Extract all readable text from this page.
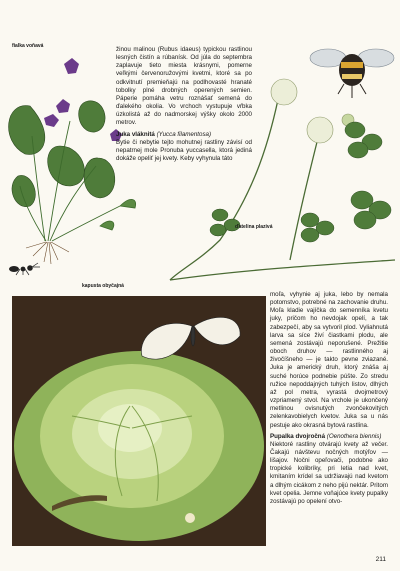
fialka voňavá
ďatelina plazivá
kapusta obyčajná

žinou malinou (Rubus idaeus) typickou rastlinou lesných čistín a rúbanísk. Od júla do septembra zaplavuje tieto miesta krásnymi, pomerne veľkými červenoružovými kvetmi, ktoré sa po odkvitnutí premieňajú na podlhovasté hranaté tobolky plné drobných operených semien. Páperie pomáha vetru roznášať semená do ďalekého okolia. Vo vrchoch vystupuje vŕbka úzkolistá až do nadmorskej výšky okolo 2000 metrov.

Juka vláknitá (Yucca filamentosa)

Bytie či nebytie tejto mohutnej rastliny závisí od nepatrnej mole Pronuba yuccasella, ktorá jediná dokáže opeliť jej kvety. Keby vyhynula táto

moľa, vyhynie aj juka, lebo by nemala potomstvo, potrebné na zachovanie druhu. Moľa kladie vajíčka do semenníka kvetu juky, pričom ho nevdojak opelí, a tak zabezpečí, aby sa vytvoril plod. Vyliahnutá larva sa síce živí čiastkami plodu, ale semená zostávajú neporušené. Prežitie oboch druhov — rastlinného aj živočíšneho — je takto pevne zviazané. Juka je americký druh, ktorý znáša aj suché horúce podnebie púšte. Zo stredu ružice nepoddajných tuhých listov, dlhých až pol metra, vyrastá dvojmetrový vzpriamený stvol. Na vrchole je ukončený metlinou ovisnutých zvončekovitých zelenkavobielych kvetov. Juka sa u nás pestuje ako okrasná bytová rastlina.

Pupalka dvojročná (Oenothera biennis)

Niektoré rastliny otvárajú kvety až večer. Čakajú návštevu nočných motýľov — lišajov. Nočni opeľovači, podobne ako tropické kolibríky, pri letia nad kvet, kmitaním krídel sa udržiavajú nad kvetom a dlhým cicákom z neho pijú nektár. Pritom kvet opelia. Jemne voňajúce kvety pupalky zostávajú po opelení otvo-

211
